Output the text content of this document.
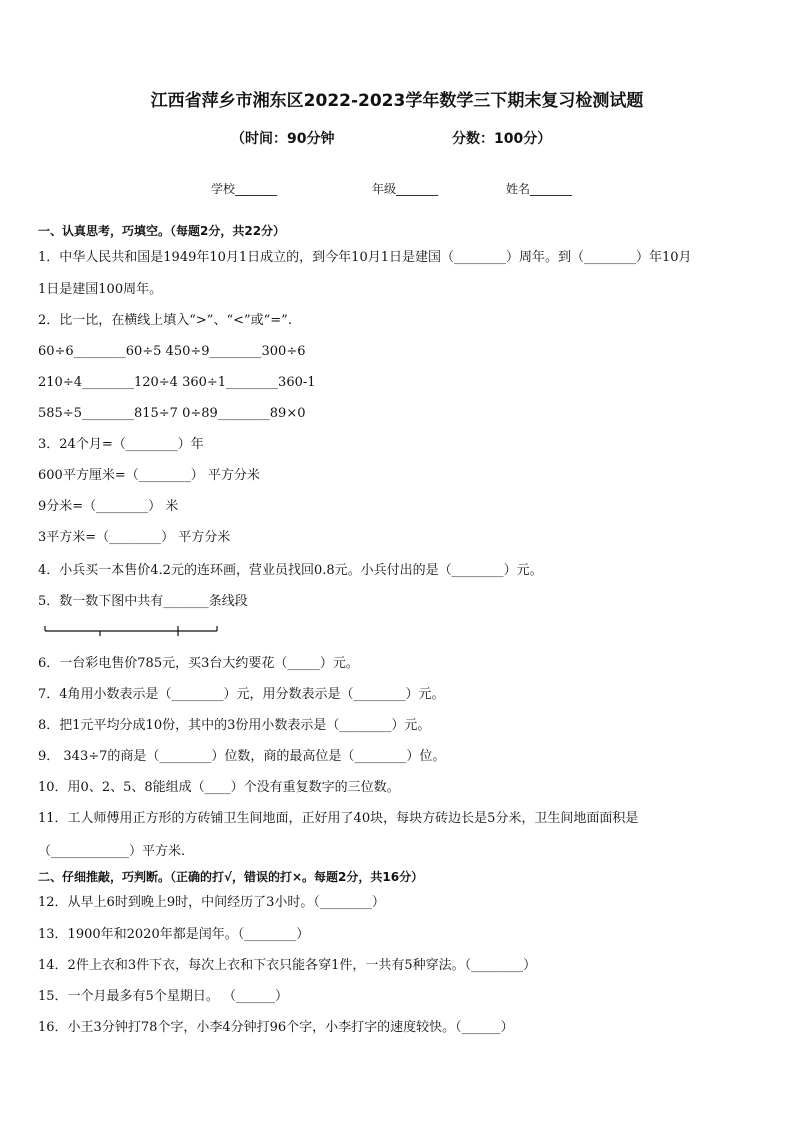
江西省萍乡市湘东区2022-2023学年数学三下期末复习检测试题
（时间：90分钟	分数：100分）
学校_______	年级_______	姓名_______
一、认真思考，巧填空。（每题2分，共22分）
1．中华人民共和国是1949年10月1日成立的，到今年10月1日是建国（________）周年。到（________）年10月
1日是建国100周年。
2．比一比，在横线上填入“>”、“<”或“=”.
60÷6________60÷5 450÷9________300÷6
210÷4________120÷4 360÷1________360-1
585÷5________815÷7 0÷89________89×0
3．24个月=（________）年
600平方厘米=（________） 平方分米
9分米=（________） 米
3平方米=（________） 平方分米
4．小兵买一本售价4.2元的连环画，营业员找回0.8元。小兵付出的是（________）元。
5．数一数下图中共有_______条线段
6．一台彩电售价785元，买3台大约要花（_____）元。
7．4角用小数表示是（________）元，用分数表示是（________）元。
8．把1元平均分成10份，其中的3份用小数表示是（________）元。
9． 343÷7的商是（________）位数，商的最高位是（________）位。
10．用0、2、5、8能组成（____）个没有重复数字的三位数。
11．工人师傅用正方形的方砖铺卫生间地面，正好用了40块，每块方砖边长是5分米，卫生间地面面积是
（____________）平方米.
二、仔细推敲，巧判断。（正确的打√，错误的打×。每题2分，共16分）
12．从早上6时到晚上9时，中间经历了3小时。（________）
13．1900年和2020年都是闰年。（________）
14．2件上衣和3件下衣，每次上衣和下衣只能各穿1件，一共有5种穿法。（________）
15．一个月最多有5个星期日。 （______）
16．小王3分钟打78个字，小李4分钟打96个字，小李打字的速度较快。（______）
